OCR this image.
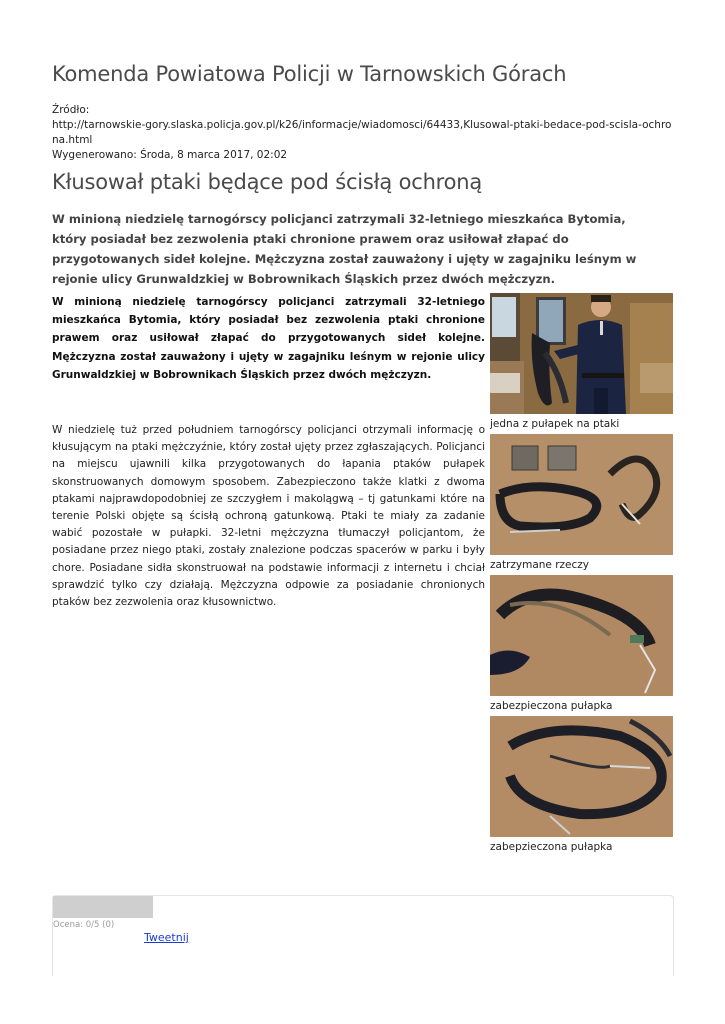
Komenda Powiatowa Policji w Tarnowskich Górach
Źródło:
http://tarnowskie-gory.slaska.policja.gov.pl/k26/informacje/wiadomosci/64433,Klusowal-ptaki-bedace-pod-scisla-ochrona.html
Wygenerowano: Środa, 8 marca 2017, 02:02
Kłusował ptaki będące pod ścisłą ochroną
W minioną niedzielę tarnogórscy policjanci zatrzymali 32-letniego mieszkańca Bytomia, który posiadał bez zezwolenia ptaki chronione prawem oraz usiłował złapać do przygotowanych sideł kolejne. Mężczyzna został zauważony i ujęty w zagajniku leśnym w rejonie ulicy Grunwaldzkiej w Bobrownikach Śląskich przez dwóch mężczyzn.
W minioną niedzielę tarnogórscy policjanci zatrzymali 32-letniego mieszkańca Bytomia, który posiadał bez zezwolenia ptaki chronione prawem oraz usiłował złapać do przygotowanych sideł kolejne. Mężczyzna został zauważony i ujęty w zagajniku leśnym w rejonie ulicy Grunwaldzkiej w Bobrownikach Śląskich przez dwóch mężczyzn.
W niedzielę tuż przed południem tarnogórscy policjanci otrzymali informację o kłusującym na ptaki mężczyźnie, który został ujęty przez zgłaszających. Policjanci na miejscu ujawnili kilka przygotowanych do łapania ptaków pułapek skonstruowanych domowym sposobem. Zabezpieczono także klatki z dwoma ptakami najprawdopodobniej ze szczygłem i makolągwą – tj gatunkami które na terenie Polski objęte są ścisłą ochroną gatunkową. Ptaki te miały za zadanie wabić pozostałe w pułapki. 32-letni mężczyzna tłumaczył policjantom, że posiadane przez niego ptaki, zostały znalezione podczas spacerów w parku i były chore. Posiadane sidła skonstruował na podstawie informacji z internetu i chciał sprawdzić tylko czy działają. Mężczyzna odpowie za posiadanie chronionych ptaków bez zezwolenia oraz kłusownictwo.
jedna z pułapek na ptaki
zatrzymane rzeczy
zabezpieczona pułapka
zabepzieczona pułapka
Ocena: 0/5 (0)
Tweetnij
